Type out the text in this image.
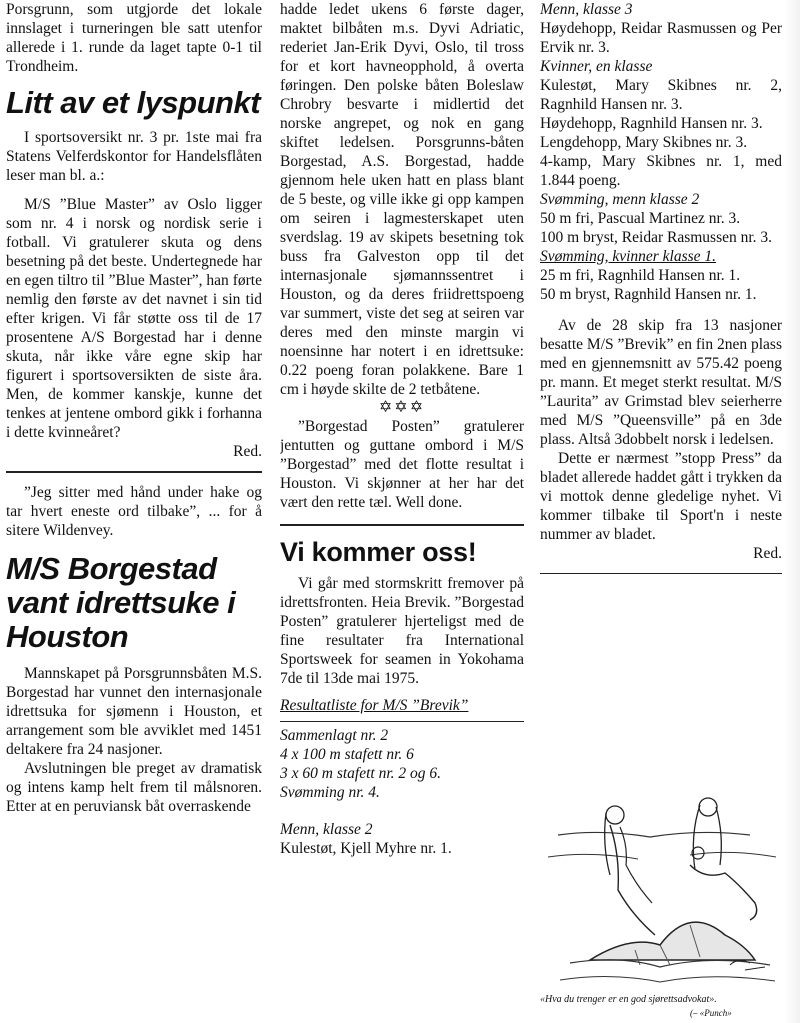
Porsgrunn, som utgjorde det lokale innslaget i turneringen ble satt utenfor allerede i 1. runde da laget tapte 0-1 til Trondheim.

Litt av et lyspunkt

I sportsoversikt nr. 3 pr. 1ste mai fra Statens Velferdskontor for Handelsflåten leser man bl. a.:

M/S ”Blue Master” av Oslo ligger som nr. 4 i norsk og nordisk serie i fotball. Vi gratulerer skuta og dens besetning på det beste. Undertegnede har en egen tiltro til ”Blue Master”, han førte nemlig den første av det navnet i sin tid efter krigen. Vi får støtte oss til de 17 prosentene A/S Borgestad har i denne skuta, når ikke våre egne skip har figurert i sportsoversikten de siste åra. Men, de kommer kanskje, kunne det tenkes at jentene ombord gikk i forhanna i dette kvinneåret?

Red.

”Jeg sitter med hånd under hake og tar hvert eneste ord tilbake”, ... for å sitere Wildenvey.

M/S Borgestad vant idrettsuke i Houston

Mannskapet på Porsgrunnsbåten M.S. Borgestad har vunnet den internasjonale idrettsuka for sjømenn i Houston, et arrangement som ble avviklet med 1451 deltakere fra 24 nasjoner.

Avslutningen ble preget av dramatisk og intens kamp helt frem til målsnoren. Etter at en peruviansk båt overraskende

hadde ledet ukens 6 første dager, maktet bilbåten m.s. Dyvi Adriatic, rederiet Jan-Erik Dyvi, Oslo, til tross for et kort havneopphold, å overta føringen. Den polske båten Boleslaw Chrobry besvarte i midlertid det norske angrepet, og nok en gang skiftet ledelsen. Porsgrunns-båten Borgestad, A.S. Borgestad, hadde gjennom hele uken hatt en plass blant de 5 beste, og ville ikke gi opp kampen om seiren i lagmesterskapet uten sverdslag. 19 av skipets besetning tok buss fra Galveston opp til det internasjonale sjømannssentret i Houston, og da deres friidrettspoeng var summert, viste det seg at seiren var deres med den minste margin vi noensinne har notert i en idrettsuke: 0.22 poeng foran polakkene. Bare 1 cm i høyde skilte de 2 tetbåtene.

✡✡✡

”Borgestad Posten” gratulerer jentutten og guttane ombord i M/S ”Borgestad” med det flotte resultat i Houston. Vi skjønner at her har det vært den rette tæl. Well done.

Vi kommer oss!

Vi går med stormskritt fremover på idrettsfronten. Heia Brevik. ”Borgestad Posten” gratulerer hjerteligst med de fine resultater fra International Sportsweek for seamen in Yokohama 7de til 13de mai 1975.

Resultatliste for M/S ”Brevik”

Sammenlagt nr. 2

4 x 100 m stafett nr. 6

3 x 60 m stafett nr. 2 og 6.

Svømming nr. 4.

Menn, klasse 2

Kulestøt, Kjell Myhre nr. 1.

Menn, klasse 3

Høydehopp, Reidar Rasmussen og Per Ervik nr. 3.

Kvinner, en klasse

Kulestøt, Mary Skibnes nr. 2, Ragnhild Hansen nr. 3.

Høydehopp, Ragnhild Hansen nr. 3.

Lengdehopp, Mary Skibnes nr. 3.

4-kamp, Mary Skibnes nr. 1, med 1.844 poeng.

Svømming, menn klasse 2

50 m fri, Pascual Martinez nr. 3.

100 m bryst, Reidar Rasmussen nr. 3.

Svømming, kvinner klasse 1.

25 m fri, Ragnhild Hansen nr. 1.

50 m bryst, Ragnhild Hansen nr. 1.

Av de 28 skip fra 13 nasjoner besatte M/S ”Brevik” en fin 2nen plass med en gjennemsnitt av 575.42 poeng pr. mann. Et meget sterkt resultat. M/S ”Laurita” av Grimstad blev seierherre med M/S ”Queensville” på en 3de plass. Altså 3dobbelt norsk i ledelsen.

Dette er nærmest ”stopp Press” da bladet allerede haddet gått i trykken da vi mottok denne gledelige nyhet. Vi kommer tilbake til Sport'n i neste nummer av bladet.

Red.

«Hva du trenger er en god sjørettsadvokat».

(– «Punch»
